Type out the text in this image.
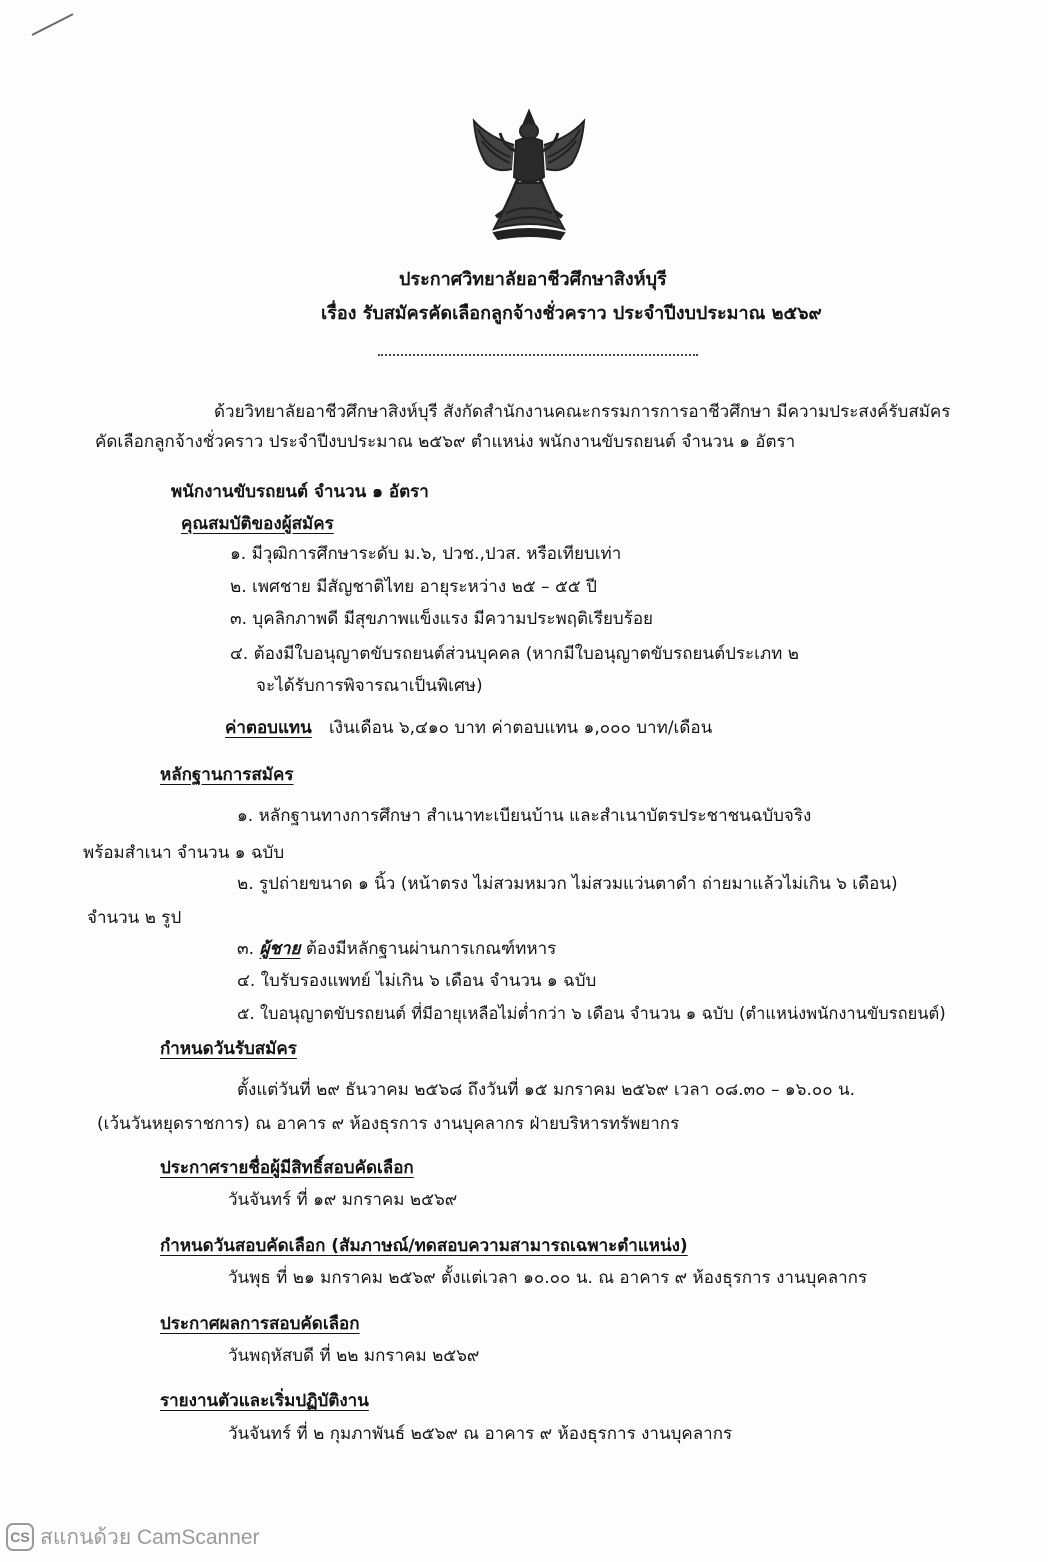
ประกาศวิทยาลัยอาชีวศึกษาสิงห์บุรี
เรื่อง รับสมัครคัดเลือกลูกจ้างชั่วคราว ประจำปีงบประมาณ ๒๕๖๙
ด้วยวิทยาลัยอาชีวศึกษาสิงห์บุรี สังกัดสำนักงานคณะกรรมการการอาชีวศึกษา มีความประสงค์รับสมัคร
คัดเลือกลูกจ้างชั่วคราว ประจำปีงบประมาณ ๒๕๖๙ ตำแหน่ง พนักงานขับรถยนต์ จำนวน ๑ อัตรา
พนักงานขับรถยนต์ จำนวน ๑ อัตรา
คุณสมบัติของผู้สมัคร
๑. มีวุฒิการศึกษาระดับ ม.๖, ปวช.,ปวส. หรือเทียบเท่า
๒. เพศชาย มีสัญชาติไทย อายุระหว่าง ๒๕ – ๕๕ ปี
๓. บุคลิกภาพดี มีสุขภาพแข็งแรง มีความประพฤติเรียบร้อย
๔. ต้องมีใบอนุญาตขับรถยนต์ส่วนบุคคล (หากมีใบอนุญาตขับรถยนต์ประเภท ๒
จะได้รับการพิจารณาเป็นพิเศษ)
ค่าตอบแทน เงินเดือน ๖,๔๑๐ บาท ค่าตอบแทน ๑,๐๐๐ บาท/เดือน
หลักฐานการสมัคร
๑. หลักฐานทางการศึกษา สำเนาทะเบียนบ้าน และสำเนาบัตรประชาชนฉบับจริง
พร้อมสำเนา จำนวน ๑ ฉบับ
๒. รูปถ่ายขนาด ๑ นิ้ว (หน้าตรง ไม่สวมหมวก ไม่สวมแว่นตาดำ ถ่ายมาแล้วไม่เกิน ๖ เดือน)
จำนวน ๒ รูป
๓. ผู้ชาย ต้องมีหลักฐานผ่านการเกณฑ์ทหาร
๔. ใบรับรองแพทย์ ไม่เกิน ๖ เดือน จำนวน ๑ ฉบับ
๕. ใบอนุญาตขับรถยนต์ ที่มีอายุเหลือไม่ต่ำกว่า ๖ เดือน จำนวน ๑ ฉบับ (ตำแหน่งพนักงานขับรถยนต์)
กำหนดวันรับสมัคร
ตั้งแต่วันที่ ๒๙ ธันวาคม ๒๕๖๘ ถึงวันที่ ๑๕ มกราคม ๒๕๖๙ เวลา ๐๘.๓๐ – ๑๖.๐๐ น.
(เว้นวันหยุดราชการ) ณ อาคาร ๙ ห้องธุรการ งานบุคลากร ฝ่ายบริหารทรัพยากร
ประกาศรายชื่อผู้มีสิทธิ์สอบคัดเลือก
วันจันทร์ ที่ ๑๙ มกราคม ๒๕๖๙
กำหนดวันสอบคัดเลือก (สัมภาษณ์/ทดสอบความสามารถเฉพาะตำแหน่ง)
วันพุธ ที่ ๒๑ มกราคม ๒๕๖๙ ตั้งแต่เวลา ๑๐.๐๐ น. ณ อาคาร ๙ ห้องธุรการ งานบุคลากร
ประกาศผลการสอบคัดเลือก
วันพฤหัสบดี ที่ ๒๒ มกราคม ๒๕๖๙
รายงานตัวและเริ่มปฏิบัติงาน
วันจันทร์ ที่ ๒ กุมภาพันธ์ ๒๕๖๙ ณ อาคาร ๙ ห้องธุรการ งานบุคลากร
CS สแกนด้วย CamScanner
